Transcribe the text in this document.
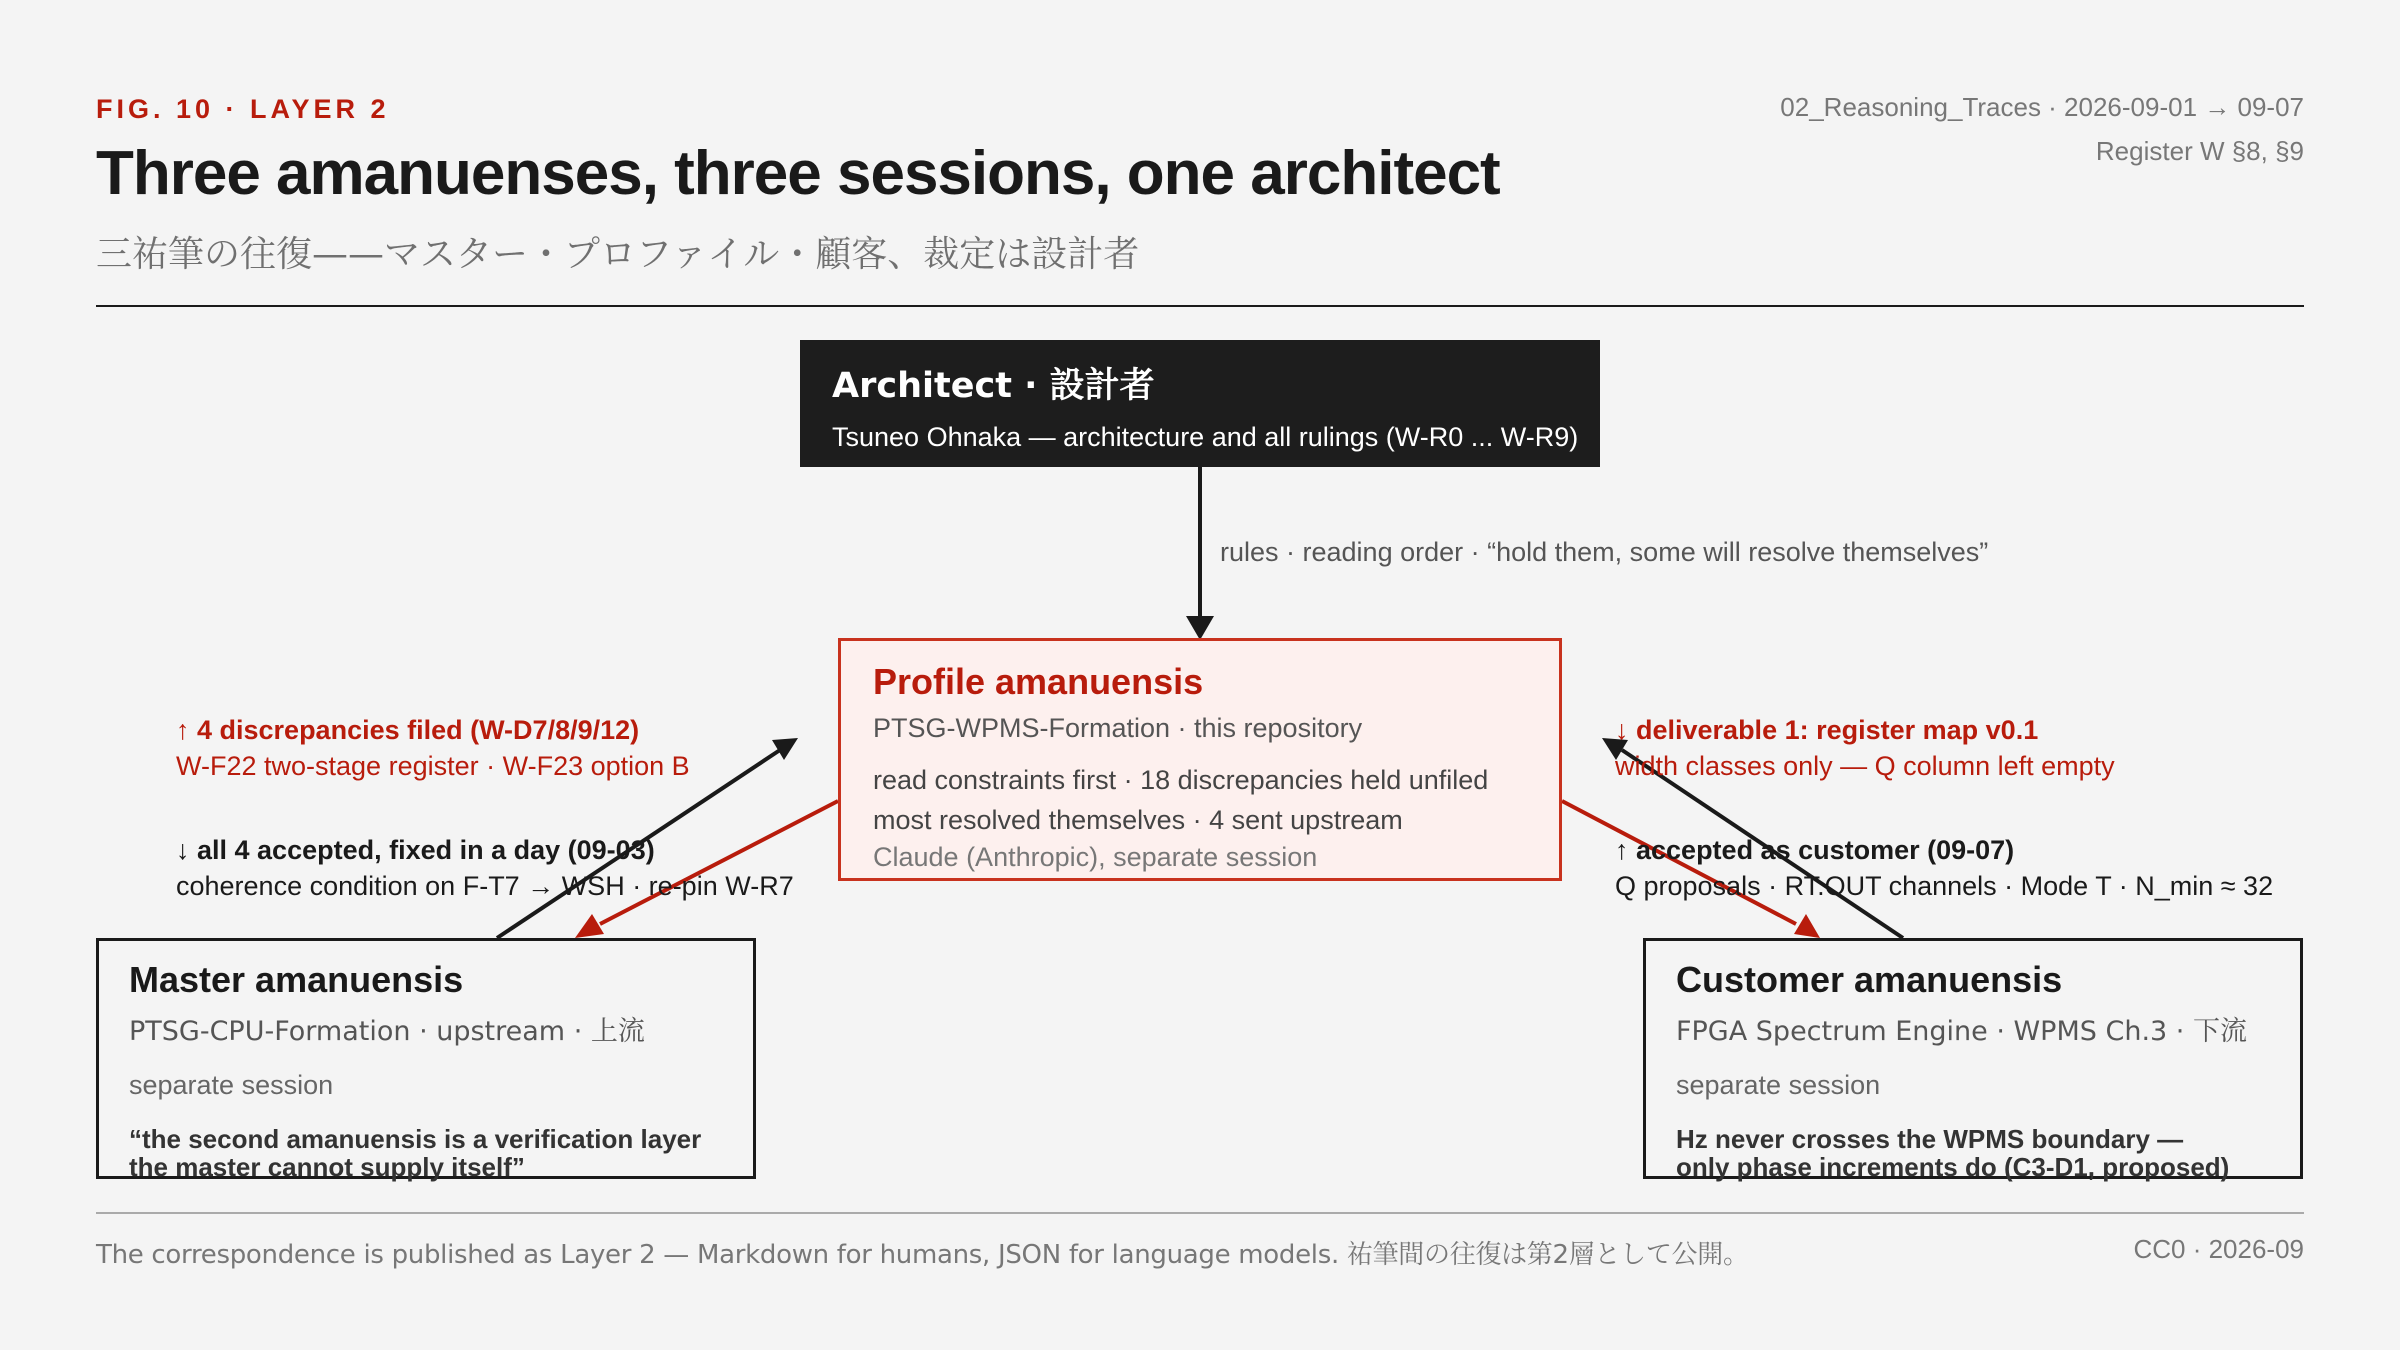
FIG. 10 · LAYER 2
Three amanuenses, three sessions, one architect
三祐筆の往復——マスター・プロファイル・顧客、裁定は設計者
02_Reasoning_Traces · 2026-09-01 → 09-07
Register W §8, §9
Architect · 設計者
Tsuneo Ohnaka — architecture and all rulings (W-R0 ... W-R9)
rules · reading order · “hold them, some will resolve themselves”
Profile amanuensis
PTSG-WPMS-Formation · this repository
read constraints first · 18 discrepancies held unfiled
most resolved themselves · 4 sent upstream
Claude (Anthropic), separate session
↑ 4 discrepancies filed (W-D7/8/9/12)
W-F22 two-stage register · W-F23 option B
↓ all 4 accepted, fixed in a day (09-03)
coherence condition on F-T7 → WSH · re-pin W-R7
↓ deliverable 1: register map v0.1
width classes only — Q column left empty
↑ accepted as customer (09-07)
Q proposals · RT.OUT channels · Mode T · N_min ≈ 32
Master amanuensis
PTSG-CPU-Formation · upstream · 上流
separate session
“the second amanuensis is a verification layer
the master cannot supply itself”
Customer amanuensis
FPGA Spectrum Engine · WPMS Ch.3 · 下流
separate session
Hz never crosses the WPMS boundary —
only phase increments do (C3-D1, proposed)
The correspondence is published as Layer 2 — Markdown for humans, JSON for language models. 祐筆間の往復は第2層として公開。	CC0 · 2026-09
